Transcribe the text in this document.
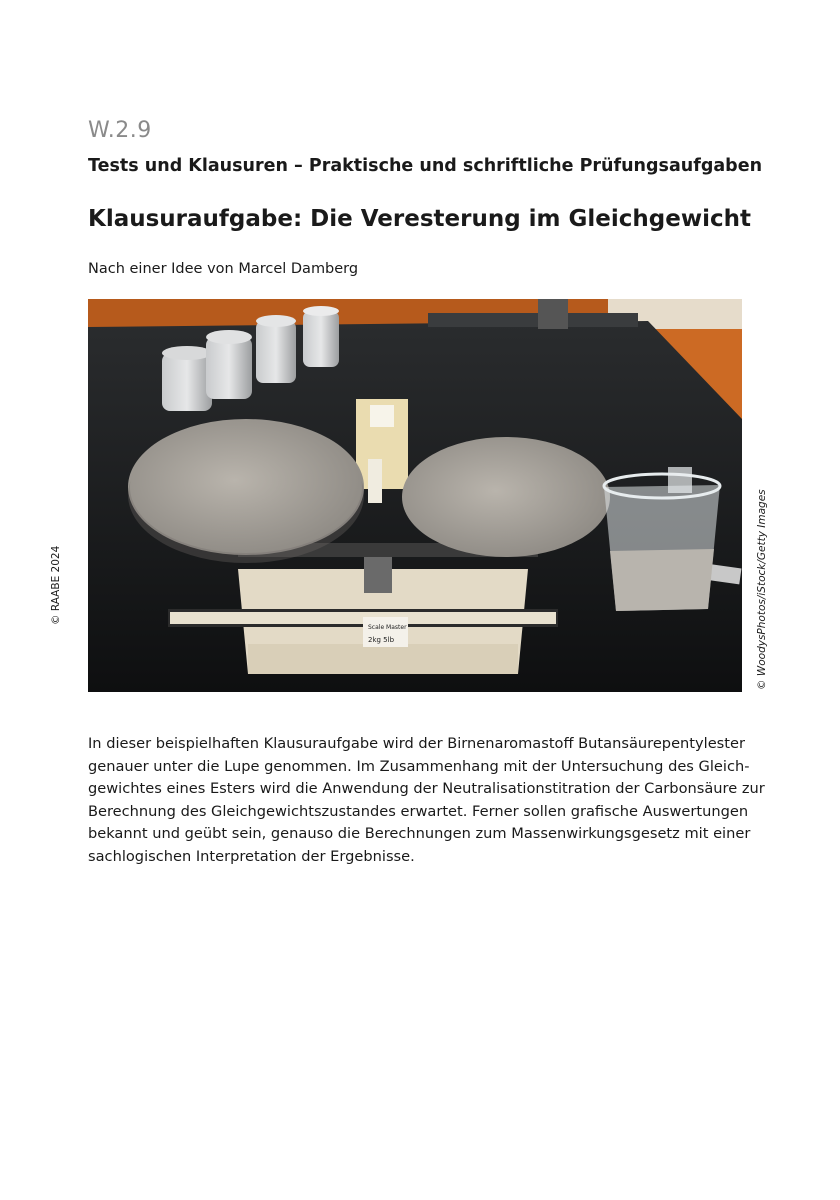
W.2.9
Tests und Klausuren – Praktische und schriftliche Prüfungsaufgaben
Klausuraufgabe: Die Veresterung im Gleichgewicht
Nach einer Idee von Marcel Damberg
Scale Master
2kg 5lb
© RAABE 2024	© WoodysPhotos/iStock/Getty Images
In dieser beispielhaften Klausuraufgabe wird der Birnenaromastoff Butansäurepentylester
genauer unter die Lupe genommen. Im Zusammenhang mit der Untersuchung des Gleich-
gewichtes eines Esters wird die Anwendung der Neutralisationstitration der Carbonsäure zur
Berechnung des Gleichgewichtszustandes erwartet. Ferner sollen grafische Auswertungen
bekannt und geübt sein, genauso die Berechnungen zum Massenwirkungsgesetz mit einer
sachlogischen Interpretation der Ergebnisse.
